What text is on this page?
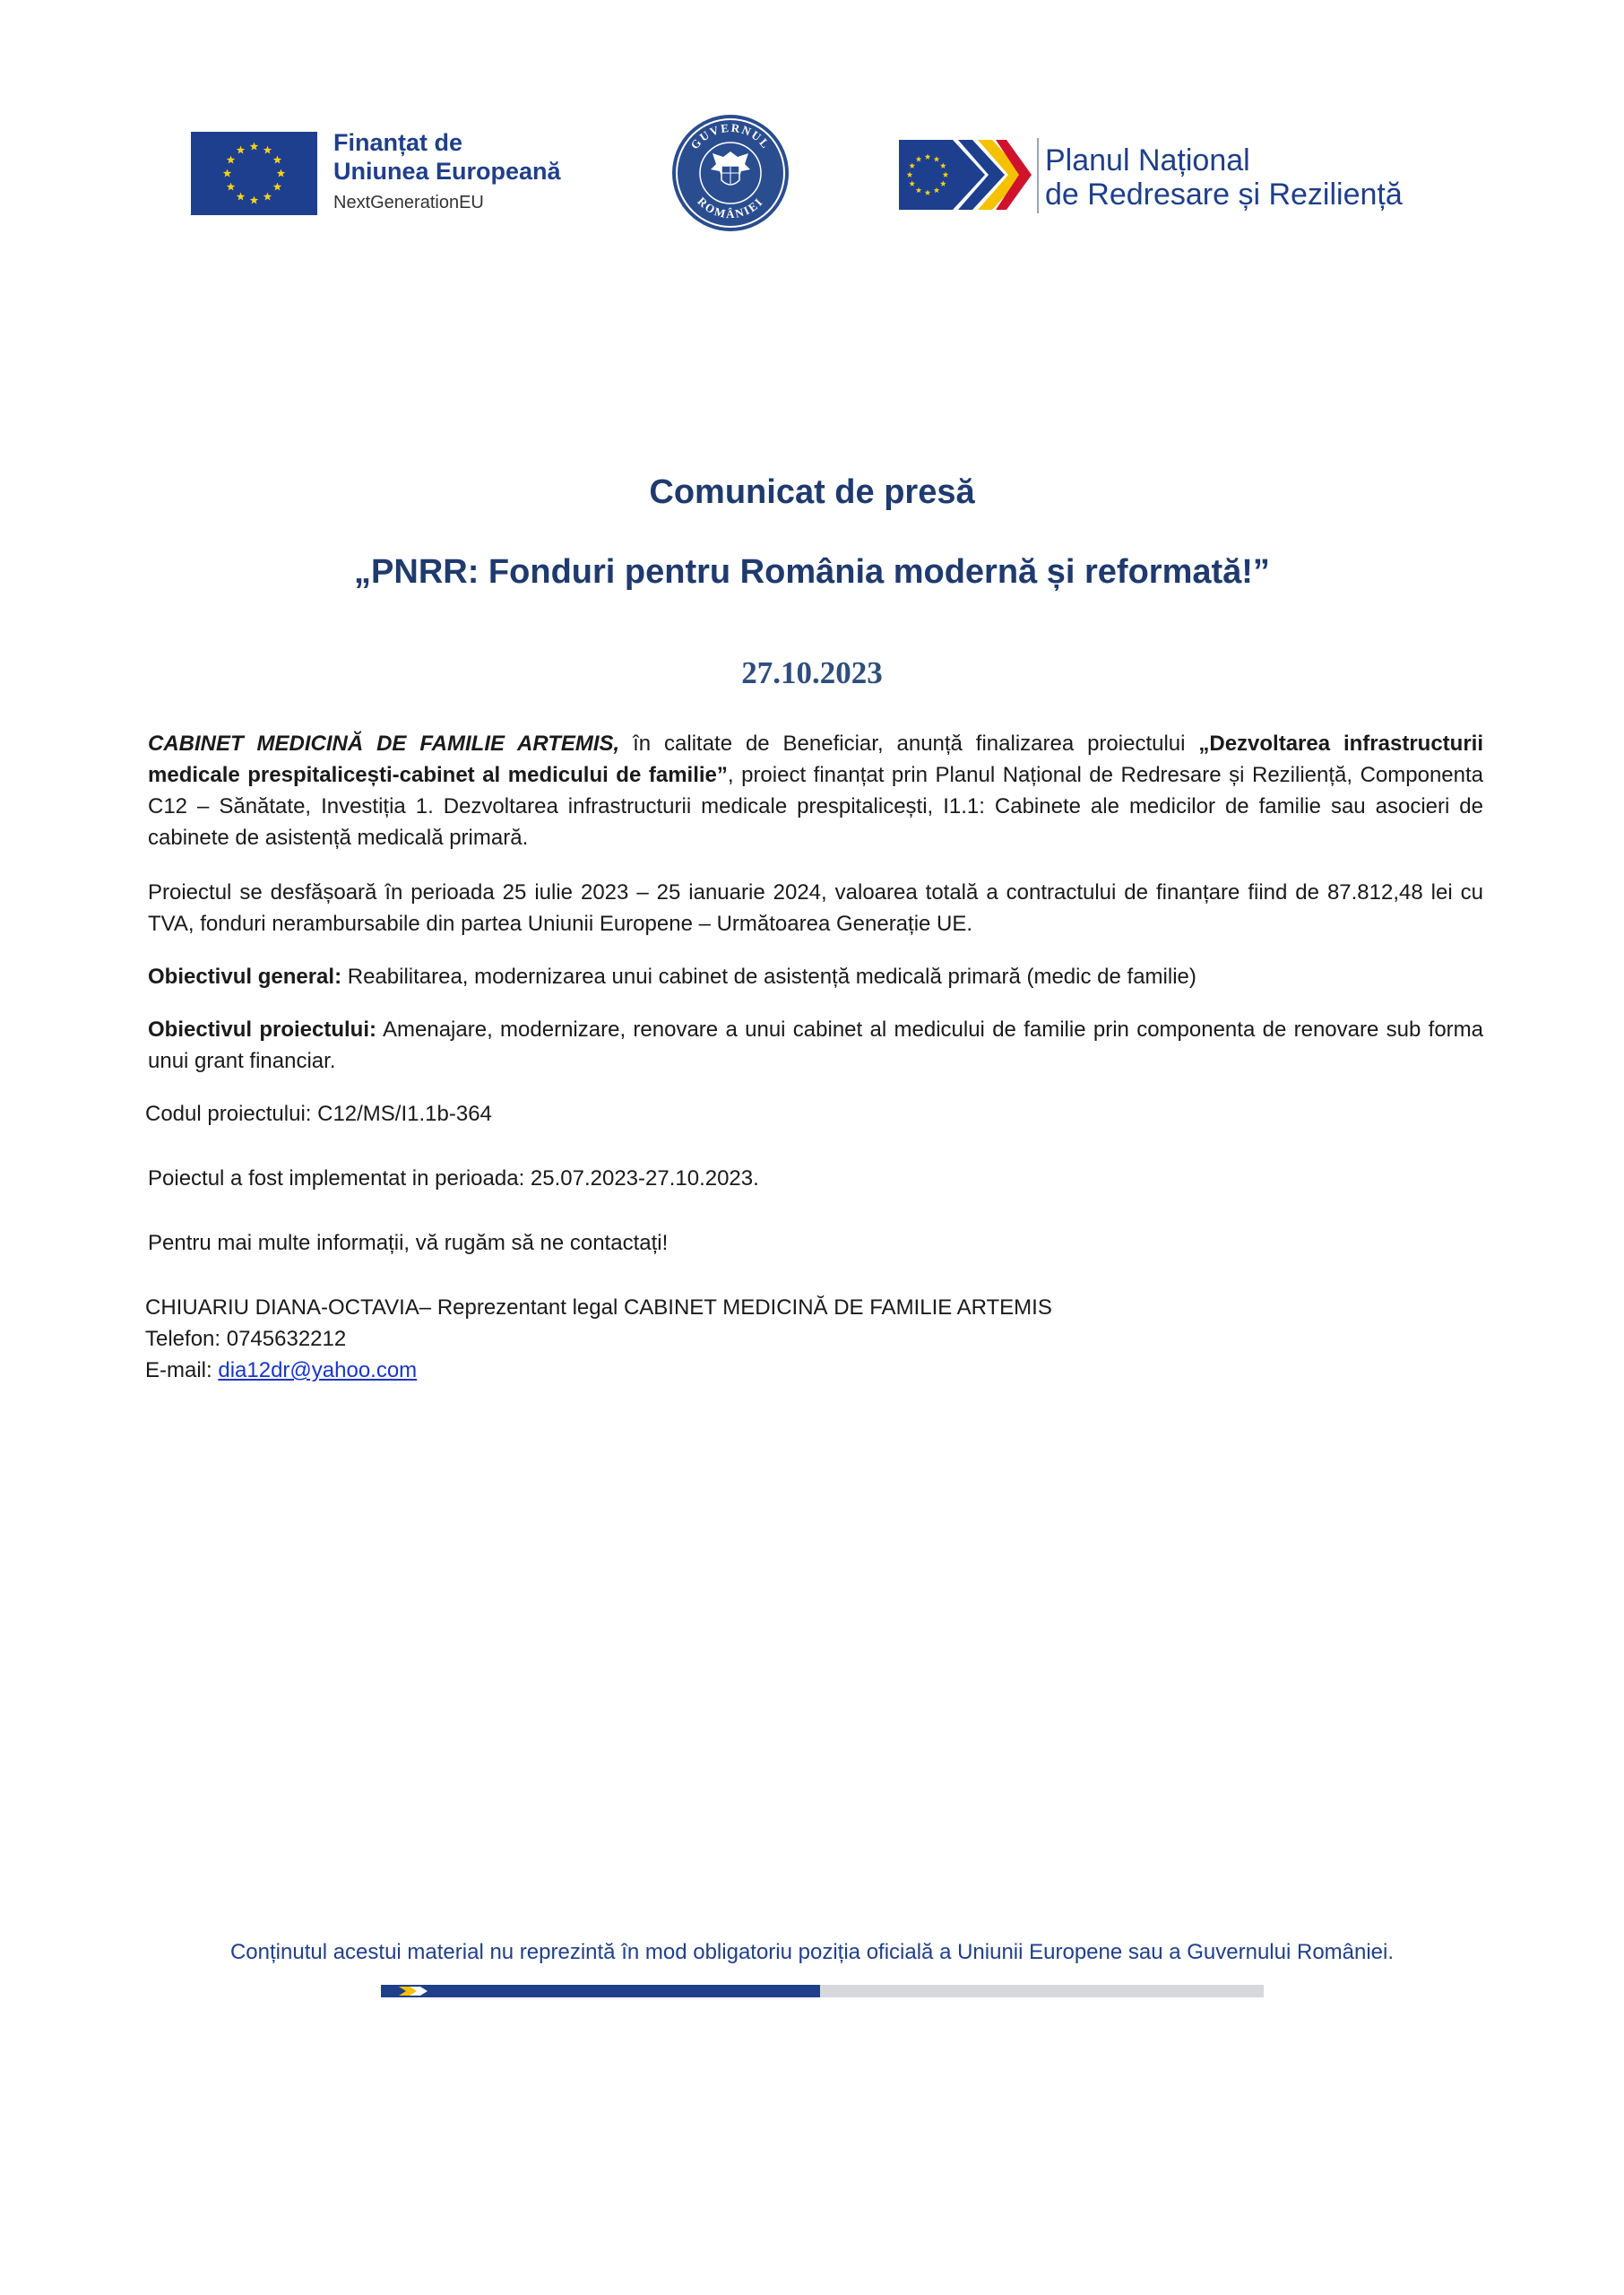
Finanțat de
Uniunea Europeană
NextGenerationEU
GUVERNUL
ROMÂNIEI
Planul Național
de Redresare și Reziliență
Comunicat de presă
„PNRR: Fonduri pentru România modernă și reformată!”
27.10.2023
CABINET MEDICINĂ DE FAMILIE ARTEMIS, în calitate de Beneficiar, anunță finalizarea proiectului „Dezvoltarea infrastructurii medicale prespitalicești-cabinet al medicului de familie”, proiect finanțat prin Planul Național de Redresare și Reziliență, Componenta C12 – Sănătate, Investiția 1. Dezvoltarea infrastructurii medicale prespitalicești, I1.1: Cabinete ale medicilor de familie sau asocieri de cabinete de asistență medicală primară.
Proiectul se desfășoară în perioada 25 iulie 2023 – 25 ianuarie 2024, valoarea totală a contractului de finanțare fiind de 87.812,48 lei cu TVA, fonduri nerambursabile din partea Uniunii Europene – Următoarea Generație UE.
Obiectivul general: Reabilitarea, modernizarea unui cabinet de asistență medicală primară (medic de familie)
Obiectivul proiectului: Amenajare, modernizare, renovare a unui cabinet al medicului de familie prin componenta de renovare sub forma unui grant financiar.
Codul proiectului: C12/MS/I1.1b-364
Poiectul a fost implementat in perioada: 25.07.2023-27.10.2023.
Pentru mai multe informații, vă rugăm să ne contactați!
CHIUARIU DIANA-OCTAVIA– Reprezentant legal CABINET MEDICINĂ DE FAMILIE ARTEMIS
Telefon: 0745632212
E-mail: dia12dr@yahoo.com
Conținutul acestui material nu reprezintă în mod obligatoriu poziția oficială a Uniunii Europene sau a Guvernului României.
